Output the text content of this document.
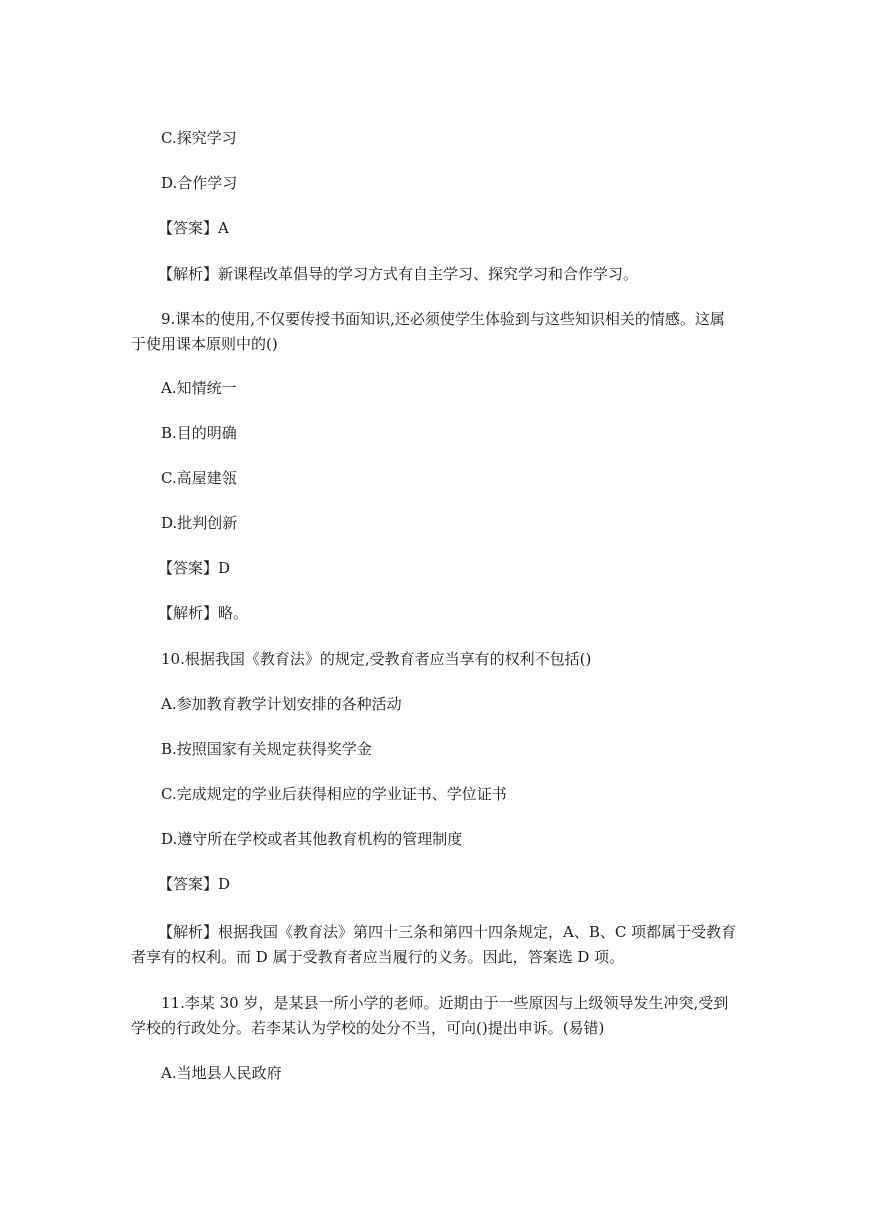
C.探究学习
D.合作学习
【答案】A
【解析】新课程改革倡导的学习方式有自主学习、探究学习和合作学习。
9.课本的使用,不仅要传授书面知识,还必须使学生体验到与这些知识相关的情感。这属
于使用课本原则中的()
A.知情统一
B.目的明确
C.高屋建瓴
D.批判创新
【答案】D
【解析】略。
10.根据我国《教育法》的规定,受教育者应当享有的权利不包括()
A.参加教育教学计划安排的各种活动
B.按照国家有关规定获得奖学金
C.完成规定的学业后获得相应的学业证书、学位证书
D.遵守所在学校或者其他教育机构的管理制度
【答案】D
【解析】根据我国《教育法》第四十三条和第四十四条规定，A、B、C 项都属于受教育
者享有的权利。而 D 属于受教育者应当履行的义务。因此，答案选 D 项。
11.李某 30 岁，是某县一所小学的老师。近期由于一些原因与上级领导发生冲突,受到
学校的行政处分。若李某认为学校的处分不当，可向()提出申诉。(易错)
A.当地县人民政府
